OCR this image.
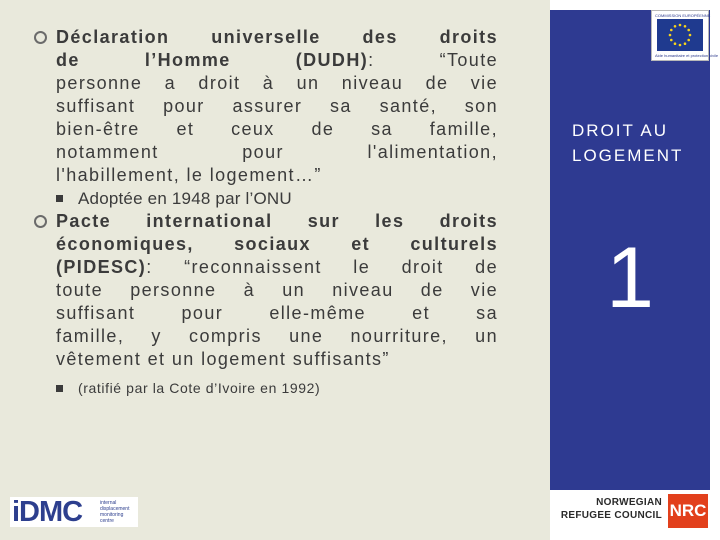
COMMISSION EUROPÉENNE
Aide humanitaire et protection civile
DROIT AU
LOGEMENT
1
Déclaration universelle des droits
de l’Homme (DUDH): “Toute
personne a droit à un niveau de vie
suffisant pour assurer sa santé, son
bien-être et ceux de sa famille,
notamment pour l'alimentation,
l'habillement, le logement…”
Adoptée en 1948 par l’ONU
Pacte international sur les droits
économiques, sociaux et culturels
(PIDESC): “reconnaissent le droit de
toute personne à un niveau de vie
suffisant pour elle-même et sa
famille, y compris une nourriture, un
vêtement et un logement suffisants”
(ratifié par la Cote d’Ivoire en 1992)
iDMC	internal displacement monitoring centre
NORWEGIAN
REFUGEE COUNCIL NRC
